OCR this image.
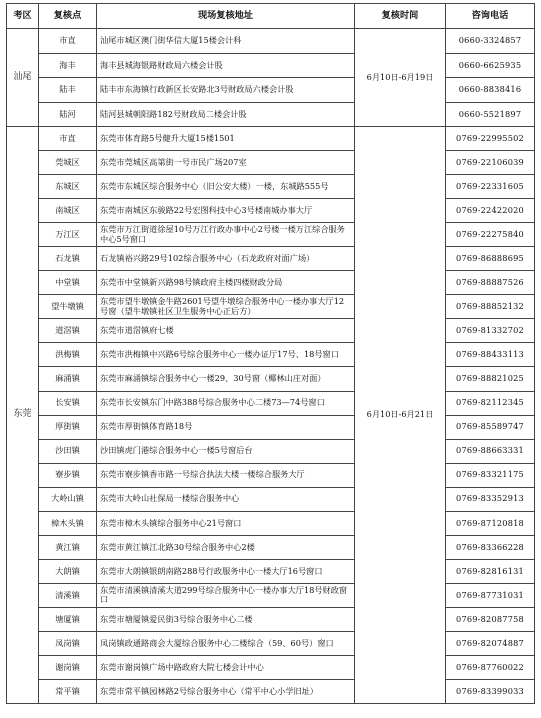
考区	复核点	现场复核地址	复核时间	咨询电话
汕尾	市直	汕尾市城区澳门街华信大厦15楼会计科	6月10日-6月19日	0660-3324857
	海丰	海丰县城海银路财政局六楼会计股		0660-6625935
	陆丰	陆丰市东海镇行政新区长安路北3号财政局六楼会计股		0660-8838416
	陆河	陆河县城朝阳路182号财政局二楼会计股		0660-5521897
东莞	市直	东莞市体育路5号健升大厦15楼1501	6月10日-6月21日	0769-22995502
	莞城区	东莞市莞城区高第街一号市民广场207室		0769-22106039
	东城区	东莞市东城区综合服务中心（旧公安大楼）一楼，东城路555号		0769-22331605
	南城区	东莞市南城区东骏路22号宏图科技中心3号楼南城办事大厅		0769-22422020
	万江区	东莞市万江街道徐屋10号万江行政办事中心2号楼一楼万江综合服务中心5号窗口		0769-22275840
	石龙镇	石龙镇裕兴路29号102综合服务中心（石龙政府对面广场）		0769-86888695
	中堂镇	东莞市中堂镇新兴路98号镇政府主楼四楼财政分局		0769-88887526
	望牛墩镇	东莞市望牛墩镇金牛路2601号望牛墩综合服务中心一楼办事大厅12号窗（望牛墩镇社区卫生服务中心正后方）		0769-88852132
	道滘镇	东莞市道滘镇府七楼		0769-81332702
	洪梅镇	东莞市洪梅镇中兴路6号综合服务中心一楼办证厅17号、18号窗口		0769-88433113
	麻涌镇	东莞市麻涌镇综合服务中心一楼29、30号窗（椰林山庄对面）		0769-88821025
	长安镇	东莞市长安镇东门中路388号综合服务中心二楼73—74号窗口		0769-82112345
	厚街镇	东莞市厚街镇体育路18号		0769-85589747
	沙田镇	沙田镇虎门港综合服务中心一楼5号窗后台		0769-88663331
	寮步镇	东莞市寮步镇香市路一号综合执法大楼一楼综合服务大厅		0769-83321175
	大岭山镇	东莞市大岭山社保局一楼综合服务中心		0769-83352913
	樟木头镇	东莞市樟木头镇综合服务中心21号窗口		0769-87120818
	黄江镇	东莞市黄江镇江北路30号综合服务中心2楼		0769-83366228
	大朗镇	东莞市大朗镇银朗南路288号行政服务中心一楼大厅16号窗口		0769-82816131
	清溪镇	东莞市清溪镇清溪大道299号综合服务中心一楼办事大厅18号财政窗口		0769-87731031
	塘厦镇	东莞市塘厦镇爱民街3号综合服务中心二楼		0769-82087758
	凤岗镇	凤岗镇政通路商会大厦综合服务中心二楼综合（59、60号）窗口		0769-82074887
	谢岗镇	东莞市谢岗镇广场中路政府大院七楼会计中心		0769-87760022
	常平镇	东莞市常平镇园林路2号综合服务中心（常平中心小学旧址）		0769-83399033
